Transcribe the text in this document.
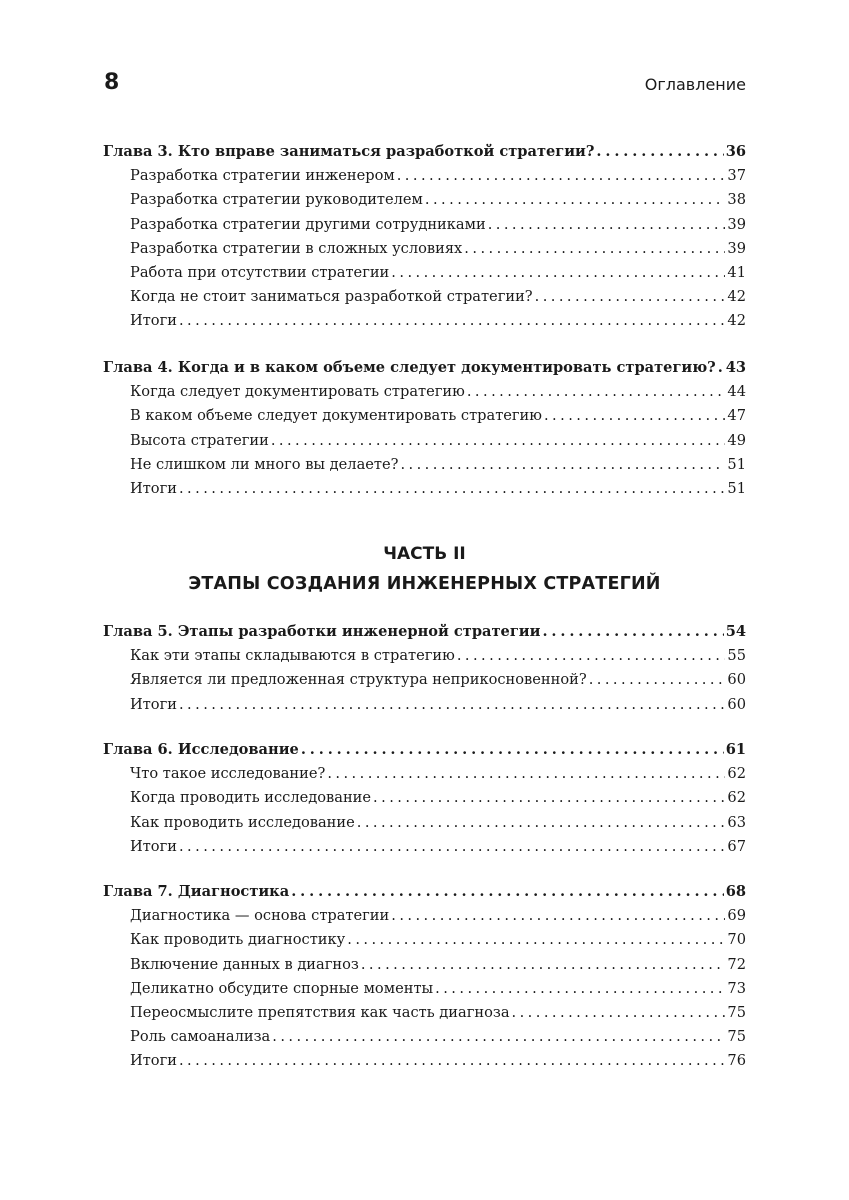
8	Оглавление
ЧАСТЬ II
ЭТАПЫ СОЗДАНИЯ ИНЖЕНЕРНЫХ СТРАТЕГИЙ
Глава 3. Кто вправе заниматься разработкой стратегии? . . .	36
Разработка стратегии инженером . . .	37
Разработка стратегии руководителем . . .	38
Разработка стратегии другими сотрудниками . . .	39
Разработка стратегии в сложных условиях . . .	39
Работа при отсутствии стратегии . . .	41
Когда не стоит заниматься разработкой стратегии? . . .	42
Итоги . . .	42
Глава 4. Когда и в каком объеме следует документировать стратегию? . . . 43
Когда следует документировать стратегию . . .	44
В каком объеме следует документировать стратегию . . .	47
Высота стратегии . . .	49
Не слишком ли много вы делаете? . . .	51
Итоги . . .	51
Глава 5. Этапы разработки инженерной стратегии . . .	54
Как эти этапы складываются в стратегию . . .	55
Является ли предложенная структура неприкосновенной? . . .	60
Итоги . . .	60
Глава 6. Исследование . . .	61
Что такое исследование? . . .	62
Когда проводить исследование . . .	62
Как проводить исследование . . .	63
Итоги . . .	67
Глава 7. Диагностика . . .	68
Диагностика — основа стратегии . . .	69
Как проводить диагностику . . .	70
Включение данных в диагноз . . .	72
Деликатно обсудите спорные моменты . . .	73
Переосмыслите препятствия как часть диагноза . . .	75
Роль самоанализа . . .	75
Итоги . . .	76
